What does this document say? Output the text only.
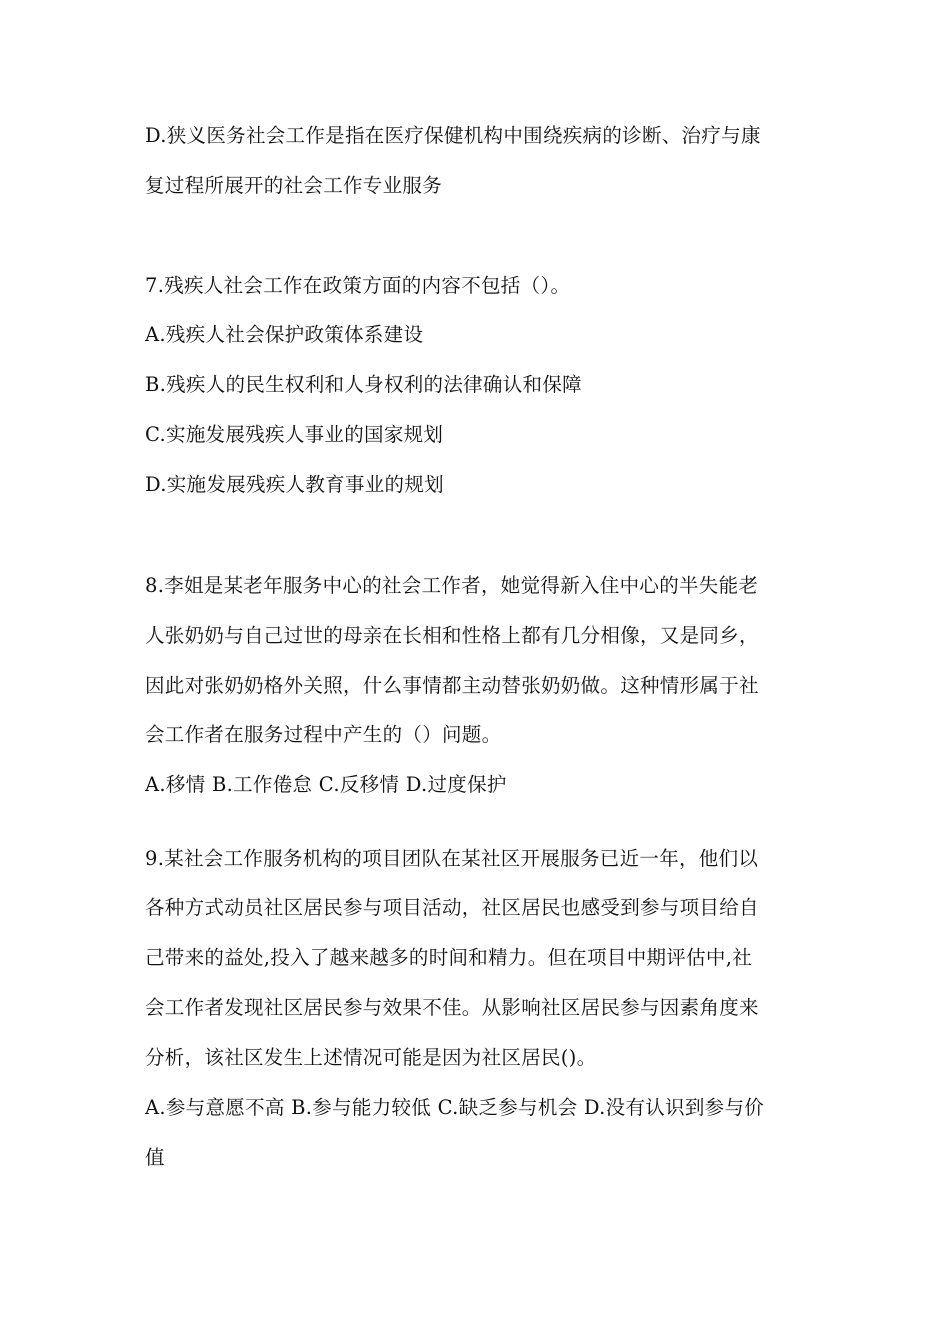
D.狭义医务社会工作是指在医疗保健机构中围绕疾病的诊断、治疗与康
复过程所展开的社会工作专业服务
7.残疾人社会工作在政策方面的内容不包括（）。
A.残疾人社会保护政策体系建设
B.残疾人的民生权利和人身权利的法律确认和保障
C.实施发展残疾人事业的国家规划
D.实施发展残疾人教育事业的规划
8.李姐是某老年服务中心的社会工作者，她觉得新入住中心的半失能老
人张奶奶与自己过世的母亲在长相和性格上都有几分相像，又是同乡，
因此对张奶奶格外关照，什么事情都主动替张奶奶做。这种情形属于社
会工作者在服务过程中产生的（）问题。
A.移情 B.工作倦怠 C.反移情 D.过度保护
9.某社会工作服务机构的项目团队在某社区开展服务已近一年，他们以
各种方式动员社区居民参与项目活动，社区居民也感受到参与项目给自
己带来的益处,投入了越来越多的时间和精力。但在项目中期评估中,社
会工作者发现社区居民参与效果不佳。从影响社区居民参与因素角度来
分析，该社区发生上述情况可能是因为社区居民()。
A.参与意愿不高 B.参与能力较低 C.缺乏参与机会 D.没有认识到参与价
值
